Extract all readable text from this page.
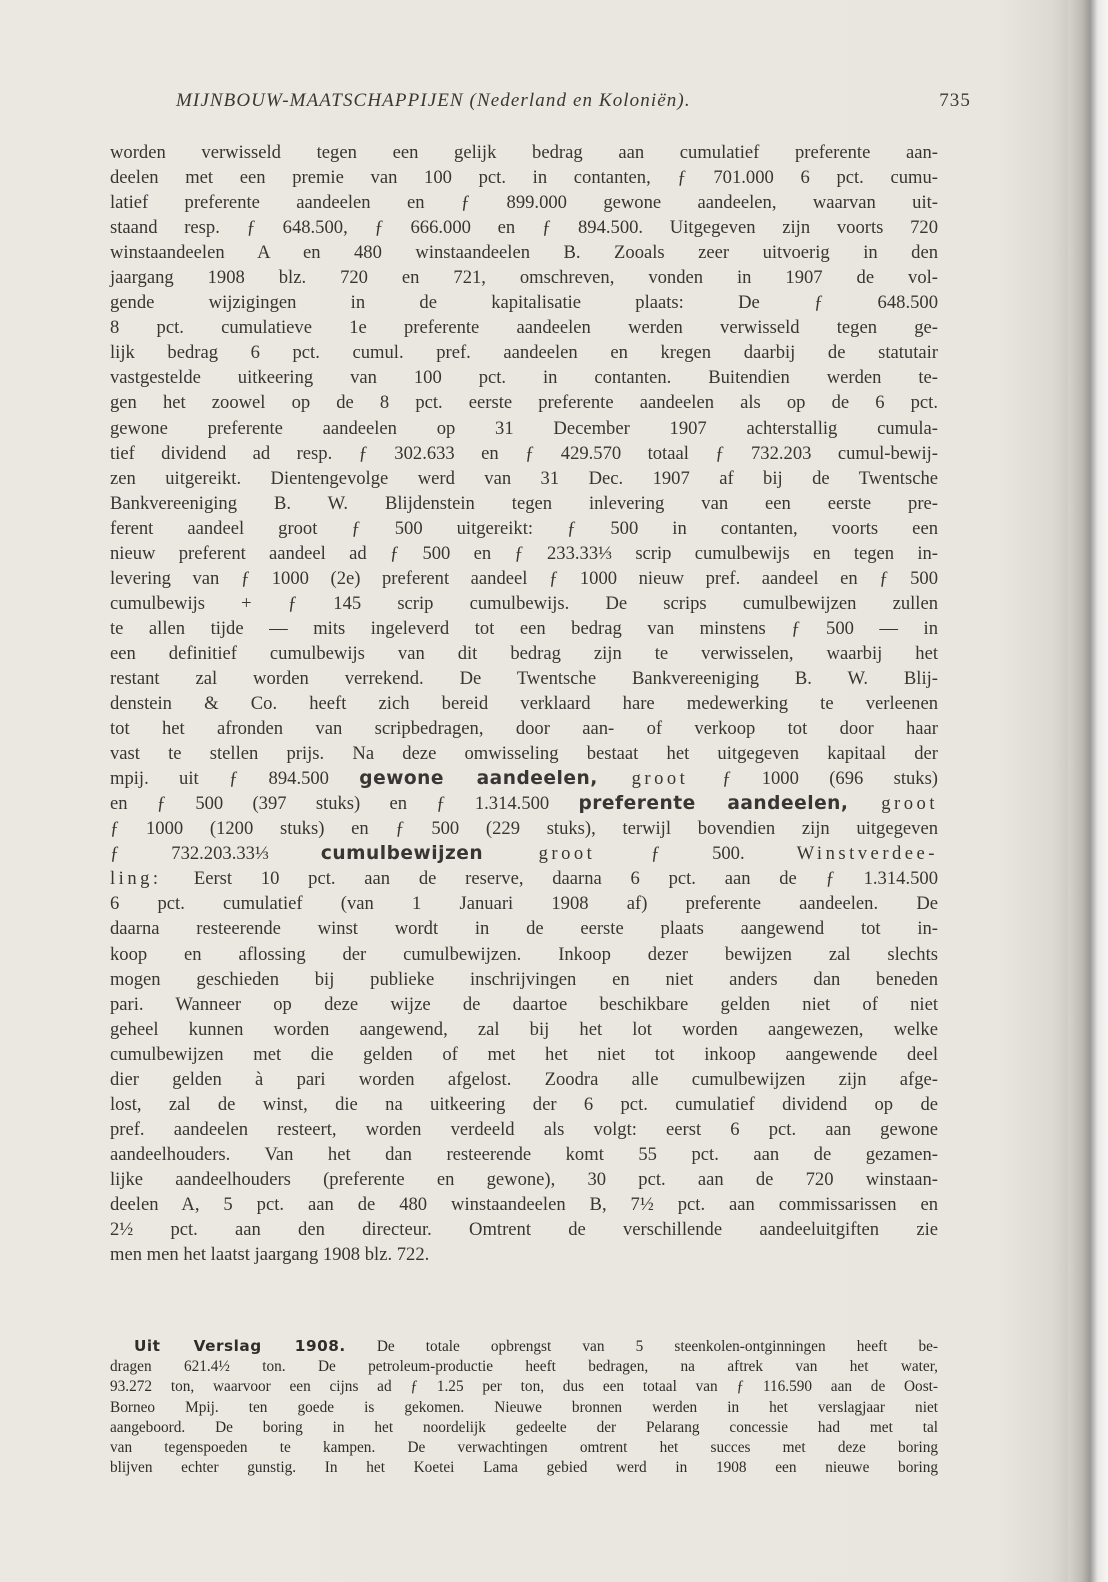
MIJNBOUW-MAATSCHAPPIJEN (Nederland en Koloniën).	735
worden verwisseld tegen een gelijk bedrag aan cumulatief preferente aan-
deelen met een premie van 100 pct. in contanten, ƒ 701.000 6 pct. cumu-
latief preferente aandeelen en ƒ 899.000 gewone aandeelen, waarvan uit-
staand resp. ƒ 648.500, ƒ 666.000 en ƒ 894.500. Uitgegeven zijn voorts 720
winstaandeelen A en 480 winstaandeelen B. Zooals zeer uitvoerig in den
jaargang 1908 blz. 720 en 721, omschreven, vonden in 1907 de vol-
gende wijzigingen in de kapitalisatie plaats: De ƒ 648.500
8 pct. cumulatieve 1e preferente aandeelen werden verwisseld tegen ge-
lijk bedrag 6 pct. cumul. pref. aandeelen en kregen daarbij de statutair
vastgestelde uitkeering van 100 pct. in contanten. Buitendien werden te-
gen het zoowel op de 8 pct. eerste preferente aandeelen als op de 6 pct.
gewone preferente aandeelen op 31 December 1907 achterstallig cumula-
tief dividend ad resp. ƒ 302.633 en ƒ 429.570 totaal ƒ 732.203 cumul-bewij-
zen uitgereikt. Dientengevolge werd van 31 Dec. 1907 af bij de Twentsche
Bankvereeniging B. W. Blijdenstein tegen inlevering van een eerste pre-
ferent aandeel groot ƒ 500 uitgereikt: ƒ 500 in contanten, voorts een
nieuw preferent aandeel ad ƒ 500 en ƒ 233.33⅓ scrip cumulbewijs en tegen in-
levering van ƒ 1000 (2e) preferent aandeel ƒ 1000 nieuw pref. aandeel en ƒ 500
cumulbewijs + ƒ 145 scrip cumulbewijs. De scrips cumulbewijzen zullen
te allen tijde — mits ingeleverd tot een bedrag van minstens ƒ 500 — in
een definitief cumulbewijs van dit bedrag zijn te verwisselen, waarbij het
restant zal worden verrekend. De Twentsche Bankvereeniging B. W. Blij-
denstein & Co. heeft zich bereid verklaard hare medewerking te verleenen
tot het afronden van scripbedragen, door aan- of verkoop tot door haar
vast te stellen prijs. Na deze omwisseling bestaat het uitgegeven kapitaal der
mpij. uit ƒ 894.500 gewone aandeelen, groot ƒ 1000 (696 stuks)
en ƒ 500 (397 stuks) en ƒ 1.314.500 preferente aandeelen, groot
ƒ 1000 (1200 stuks) en ƒ 500 (229 stuks), terwijl bovendien zijn uitgegeven
ƒ 732.203.33⅓ cumulbewijzen groot ƒ 500. Winstverdee-
ling: Eerst 10 pct. aan de reserve, daarna 6 pct. aan de ƒ 1.314.500
6 pct. cumulatief (van 1 Januari 1908 af) preferente aandeelen. De
daarna resteerende winst wordt in de eerste plaats aangewend tot in-
koop en aflossing der cumulbewijzen. Inkoop dezer bewijzen zal slechts
mogen geschieden bij publieke inschrijvingen en niet anders dan beneden
pari. Wanneer op deze wijze de daartoe beschikbare gelden niet of niet
geheel kunnen worden aangewend, zal bij het lot worden aangewezen, welke
cumulbewijzen met die gelden of met het niet tot inkoop aangewende deel
dier gelden à pari worden afgelost. Zoodra alle cumulbewijzen zijn afge-
lost, zal de winst, die na uitkeering der 6 pct. cumulatief dividend op de
pref. aandeelen resteert, worden verdeeld als volgt: eerst 6 pct. aan gewone
aandeelhouders. Van het dan resteerende komt 55 pct. aan de gezamen-
lijke aandeelhouders (preferente en gewone), 30 pct. aan de 720 winstaan-
deelen A, 5 pct. aan de 480 winstaandeelen B, 7½ pct. aan commissarissen en
2½ pct. aan den directeur. Omtrent de verschillende aandeeluitgiften zie
men men het laatst jaargang 1908 blz. 722.
Uit Verslag 1908. De totale opbrengst van 5 steenkolen-ontginningen heeft be-
dragen 621.4½ ton. De petroleum-productie heeft bedragen, na aftrek van het water,
93.272 ton, waarvoor een cijns ad ƒ 1.25 per ton, dus een totaal van ƒ 116.590 aan de Oost-
Borneo Mpij. ten goede is gekomen. Nieuwe bronnen werden in het verslagjaar niet
aangeboord. De boring in het noordelijk gedeelte der Pelarang concessie had met tal
van tegenspoeden te kampen. De verwachtingen omtrent het succes met deze boring
blijven echter gunstig. In het Koetei Lama gebied werd in 1908 een nieuwe boring
